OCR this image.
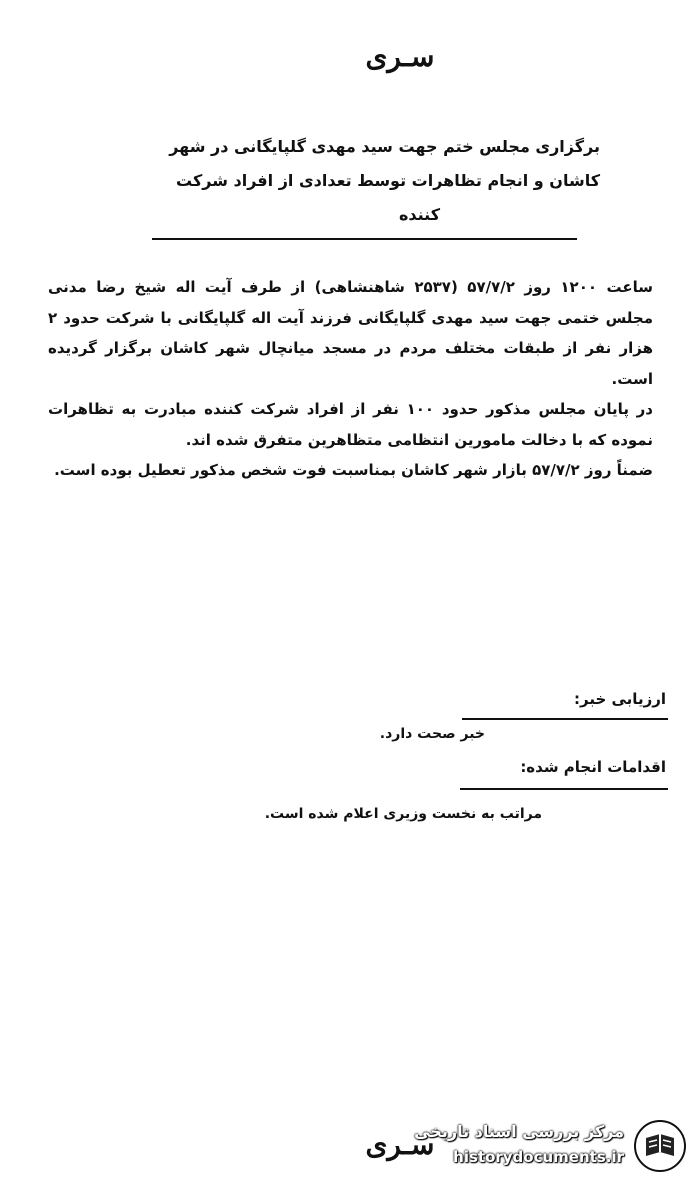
سـری
برگزاری مجلس ختم جهت سید مهدی گلپایگانی در شهر
کاشان و انجام تظاهرات توسط تعدادی از افراد شرکت
کننده

ساعت ۱۲۰۰ روز ۵۷/۷/۲ (۲۵۳۷ شاهنشاهی) از طرف آیت اله شیخ رضا مدنی مجلس ختمی جهت سید مهدی گلپایگانی فرزند آیت اله گلپایگانی با شرکت حدود ۲ هزار نفر از طبقات مختلف مردم در مسجد میانچال شهر کاشان برگزار گردیده است.

در پایان مجلس مذکور حدود ۱۰۰ نفر از افراد شرکت کننده مبادرت به تظاهرات نموده که با دخالت مامورین انتظامی متظاهرین متفرق شده اند.

ضمناً روز ۵۷/۷/۲ بازار شهر کاشان بمناسبت فوت شخص مذکور تعطیل بوده است.

ارزیابی خبر:
خبر صحت دارد.
اقدامات انجام شده:
مراتب به نخست وزیری اعلام شده است.
سـری
مرکز بررسی اسناد تاریخی
historydocuments.ir
